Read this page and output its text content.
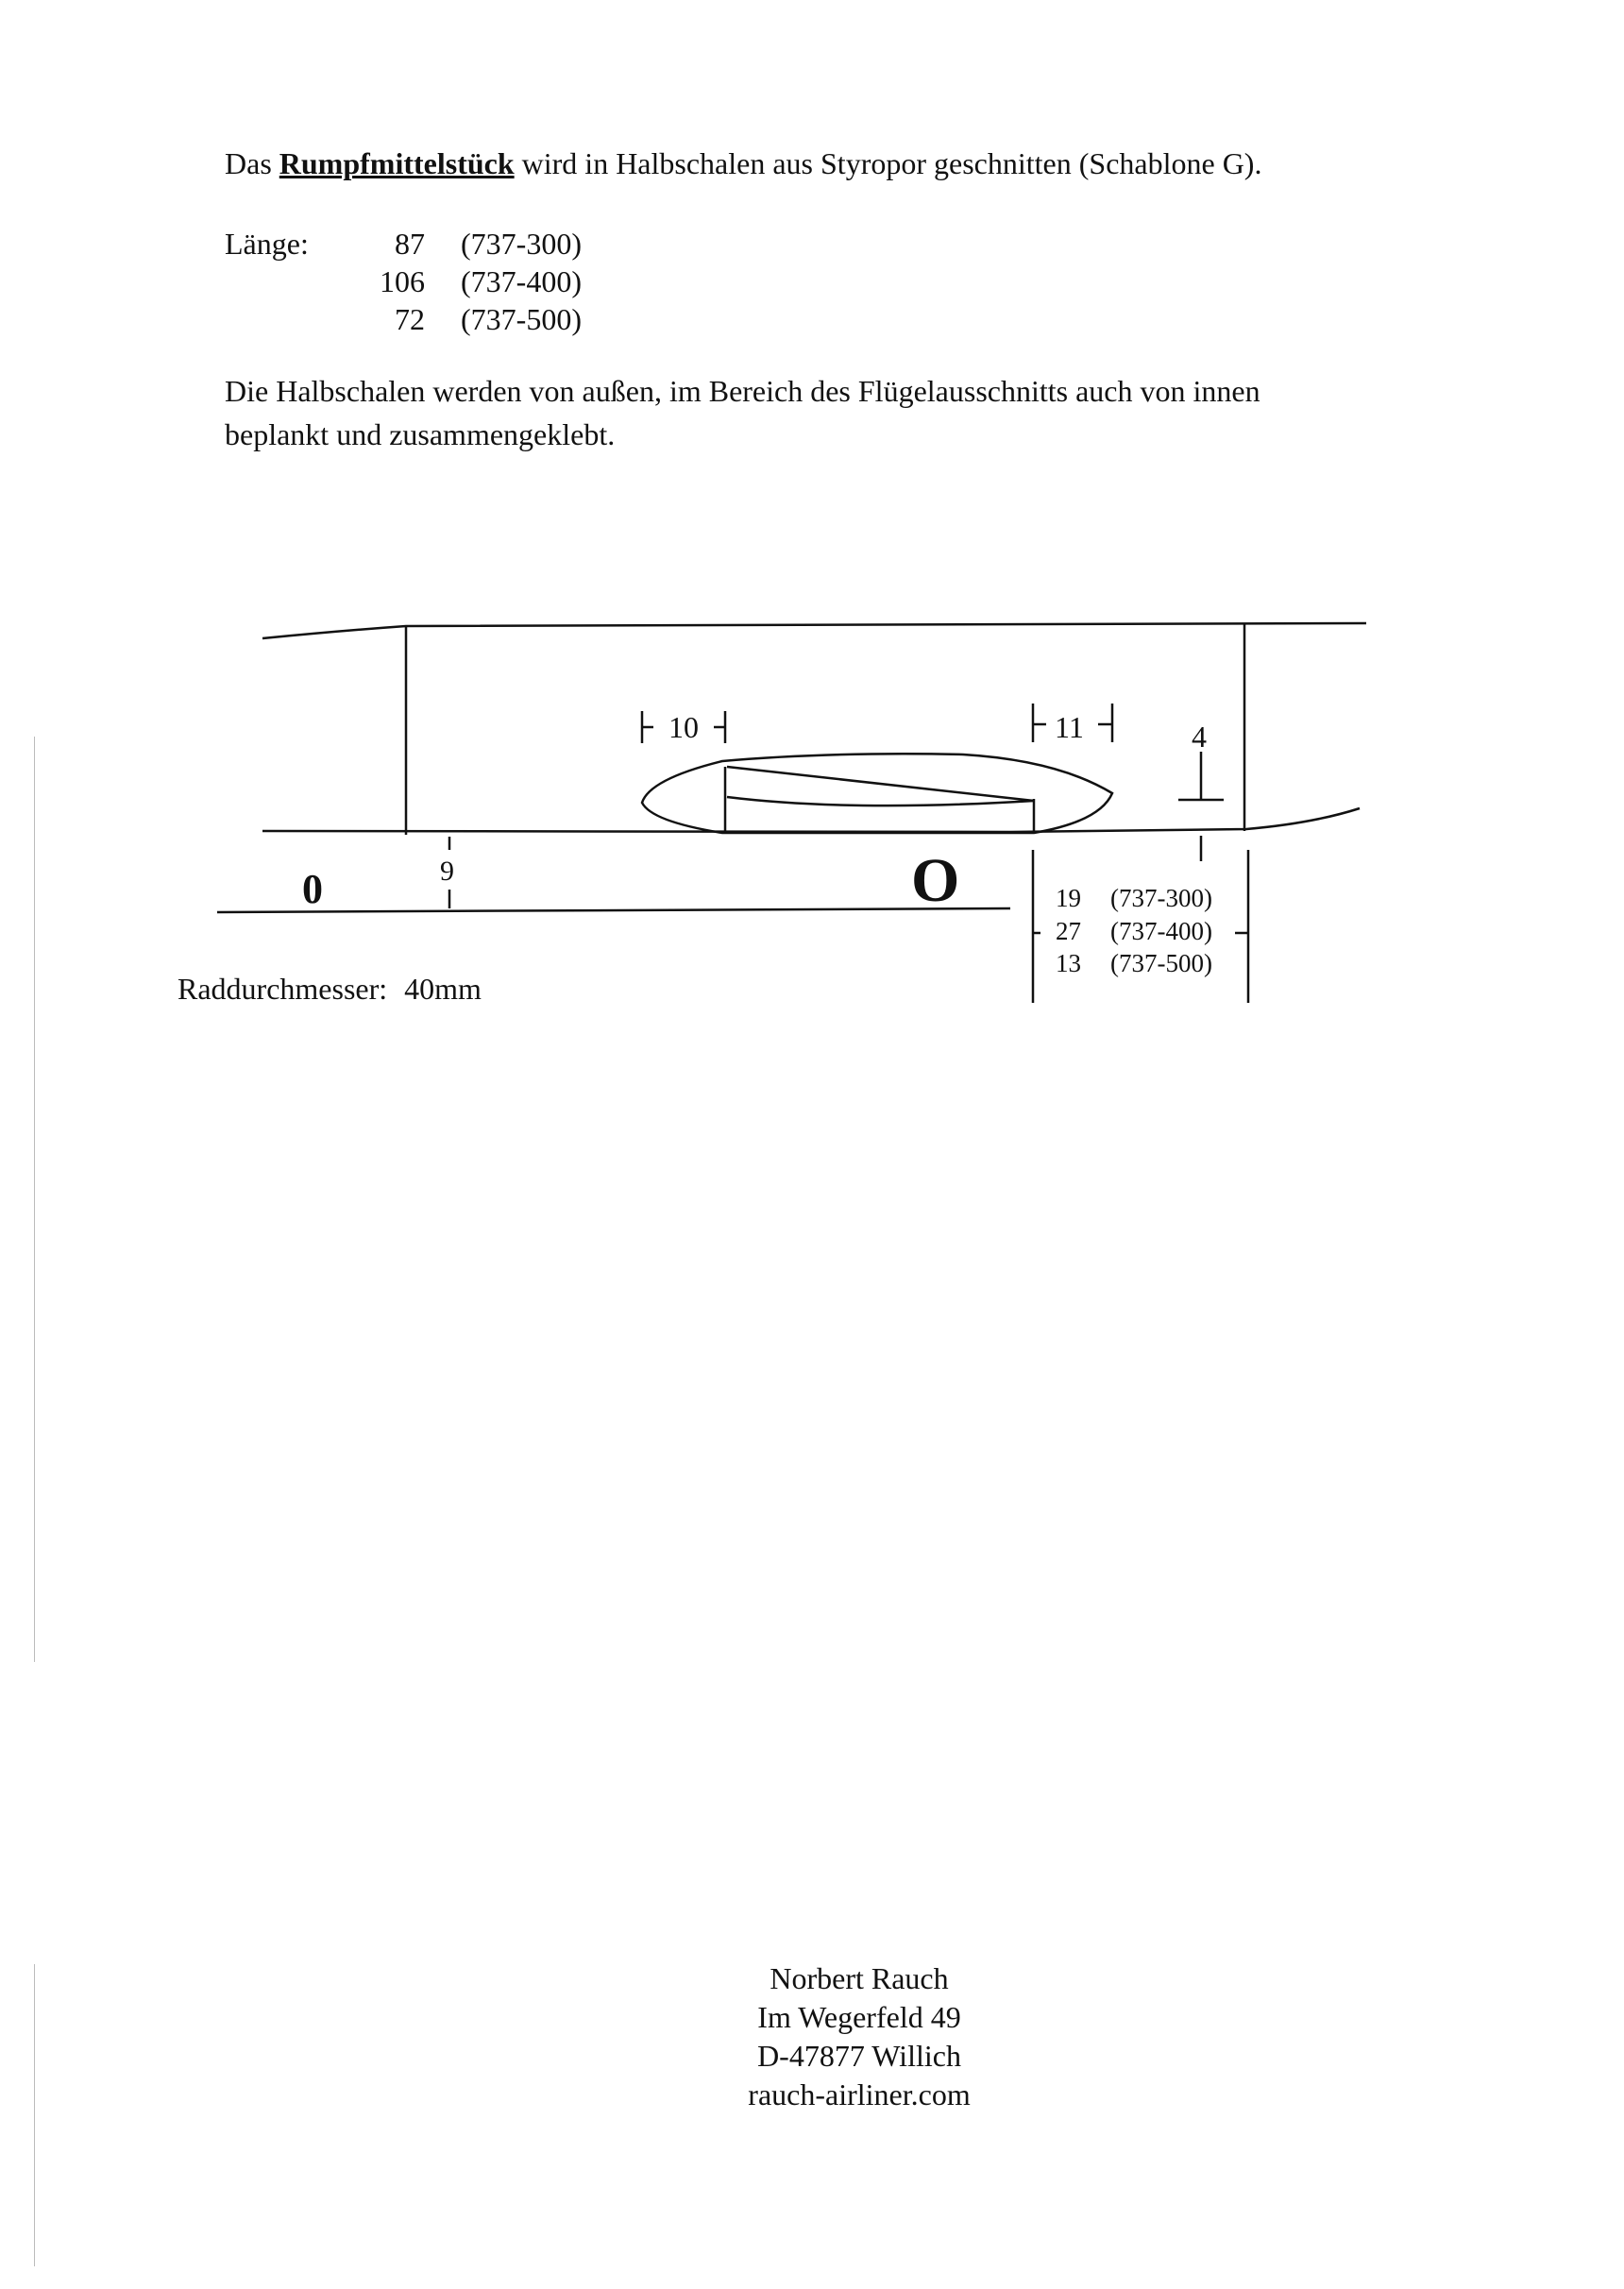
Das Rumpfmittelstück wird in Halbschalen aus Styropor geschnitten (Schablone G).
Länge:	87 (737-300)
106 (737-400)
72 (737-500)
Die Halbschalen werden von außen, im Bereich des Flügelausschnitts auch von innen
beplankt und zusammengeklebt.
10	11	4
9
0	O	19 (737-300)
27 (737-400)
13 (737-500)
Raddurchmesser: 40mm
Norbert Rauch
Im Wegerfeld 49
D-47877 Willich
rauch-airliner.com
